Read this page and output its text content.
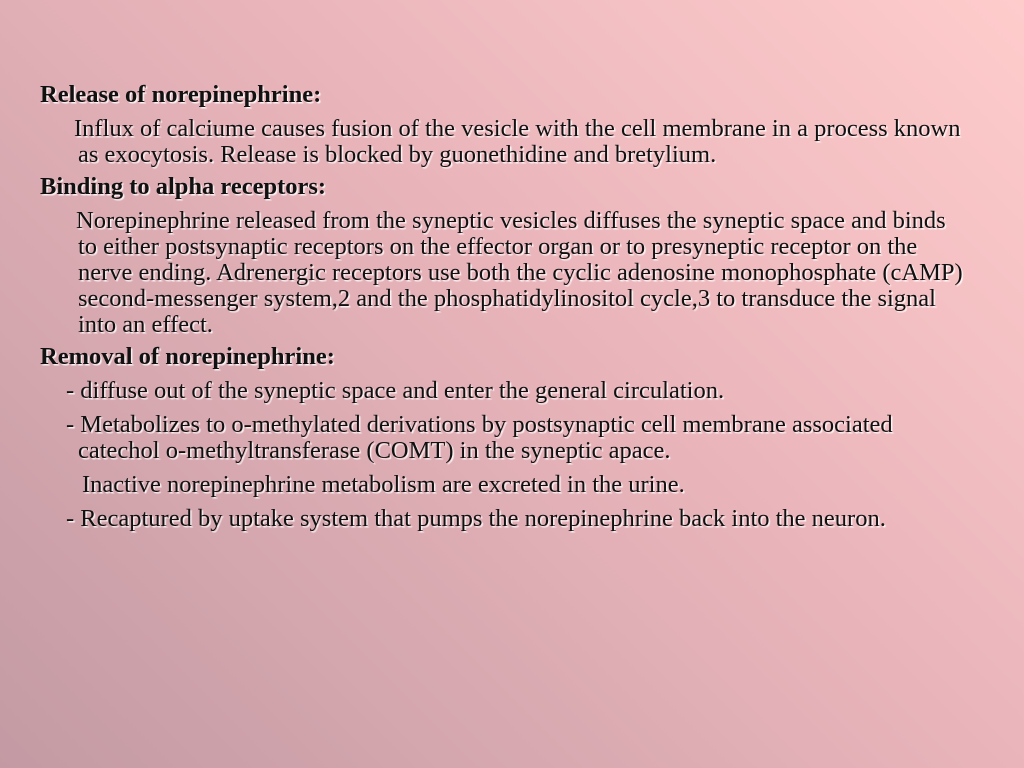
Release of norepinephrine:
Influx of calciume causes fusion of the vesicle with the cell membrane in a process known as exocytosis. Release is blocked by guonethidine and bretylium.
Binding to alpha receptors:
Norepinephrine released from the syneptic vesicles diffuses the syneptic space and binds to either postsynaptic receptors on the effector organ or to presyneptic receptor on the nerve ending. Adrenergic receptors use both the cyclic adenosine monophosphate (cAMP) second-messenger system,2 and the phosphatidylinositol cycle,3 to transduce the signal into an effect.
Removal of norepinephrine:
- diffuse out of the syneptic space and enter the general circulation.
- Metabolizes to o-methylated derivations by postsynaptic cell membrane associated catechol o-methyltransferase (COMT) in the syneptic apace.
Inactive norepinephrine metabolism are excreted in the urine.
- Recaptured by uptake system that pumps the norepinephrine back into the neuron.
